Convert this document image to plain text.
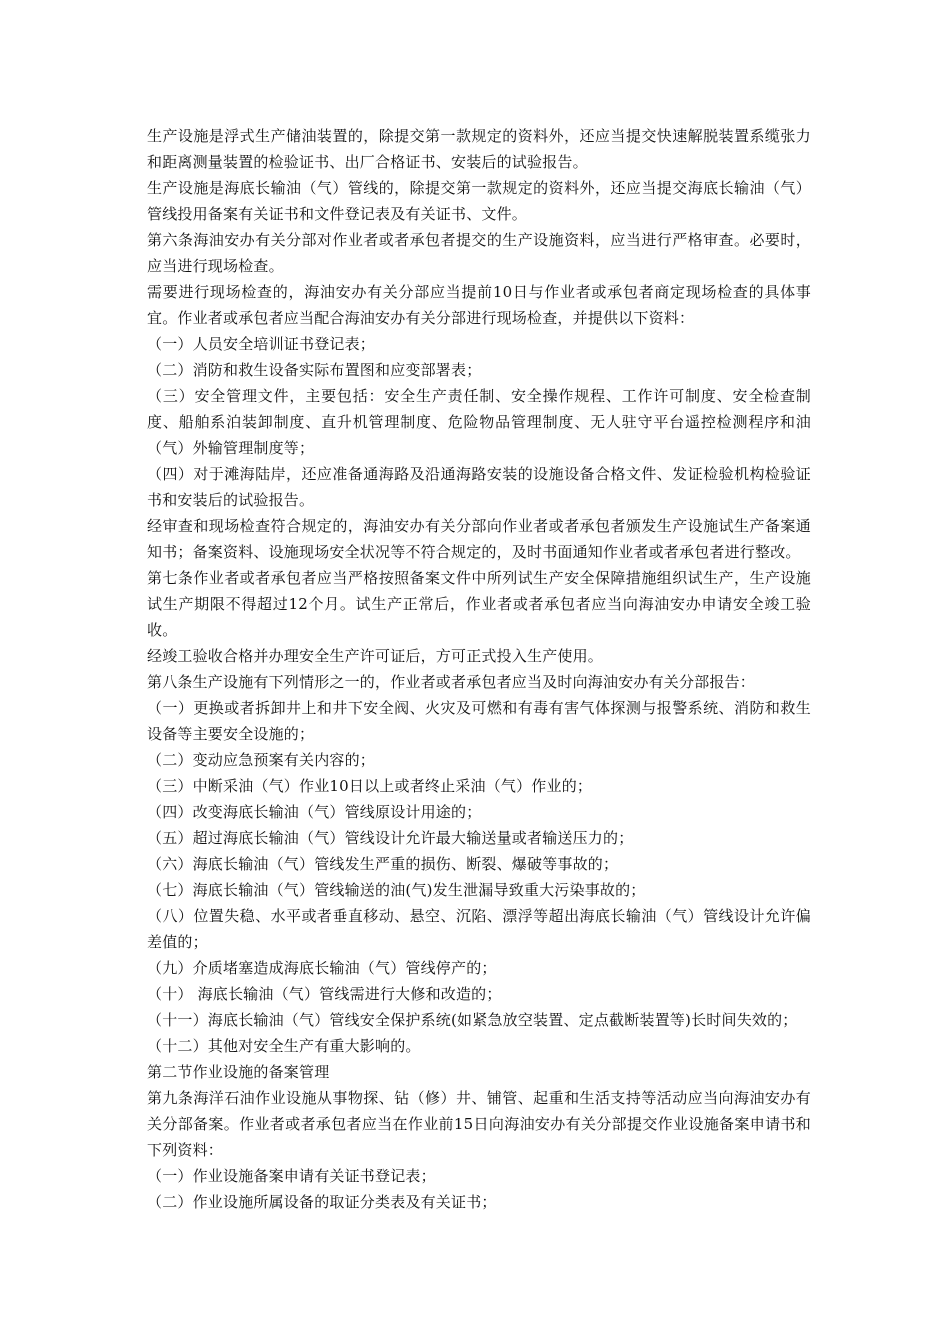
生产设施是浮式生产储油装置的，除提交第一款规定的资料外，还应当提交快速解脱装置系缆张力和距离测量装置的检验证书、出厂合格证书、安装后的试验报告。

生产设施是海底长输油（气）管线的，除提交第一款规定的资料外，还应当提交海底长输油（气）管线投用备案有关证书和文件登记表及有关证书、文件。

第六条海油安办有关分部对作业者或者承包者提交的生产设施资料，应当进行严格审查。必要时，应当进行现场检查。

需要进行现场检查的，海油安办有关分部应当提前10日与作业者或承包者商定现场检查的具体事宜。作业者或承包者应当配合海油安办有关分部进行现场检查，并提供以下资料：

（一）人员安全培训证书登记表；

（二）消防和救生设备实际布置图和应变部署表；

（三）安全管理文件，主要包括：安全生产责任制、安全操作规程、工作许可制度、安全检查制度、船舶系泊装卸制度、直升机管理制度、危险物品管理制度、无人驻守平台遥控检测程序和油（气）外输管理制度等；

（四）对于滩海陆岸，还应准备通海路及沿通海路安装的设施设备合格文件、发证检验机构检验证书和安装后的试验报告。

经审查和现场检查符合规定的，海油安办有关分部向作业者或者承包者颁发生产设施试生产备案通知书；备案资料、设施现场安全状况等不符合规定的，及时书面通知作业者或者承包者进行整改。

第七条作业者或者承包者应当严格按照备案文件中所列试生产安全保障措施组织试生产，生产设施试生产期限不得超过12个月。试生产正常后，作业者或者承包者应当向海油安办申请安全竣工验收。

经竣工验收合格并办理安全生产许可证后，方可正式投入生产使用。

第八条生产设施有下列情形之一的，作业者或者承包者应当及时向海油安办有关分部报告：

（一）更换或者拆卸井上和井下安全阀、火灾及可燃和有毒有害气体探测与报警系统、消防和救生设备等主要安全设施的；

（二）变动应急预案有关内容的；

（三）中断采油（气）作业10日以上或者终止采油（气）作业的；

（四）改变海底长输油（气）管线原设计用途的；

（五）超过海底长输油（气）管线设计允许最大输送量或者输送压力的；

（六）海底长输油（气）管线发生严重的损伤、断裂、爆破等事故的；

（七）海底长输油（气）管线输送的油(气)发生泄漏导致重大污染事故的；

（八）位置失稳、水平或者垂直移动、悬空、沉陷、漂浮等超出海底长输油（气）管线设计允许偏差值的；

（九）介质堵塞造成海底长输油（气）管线停产的；

（十） 海底长输油（气）管线需进行大修和改造的；

（十一）海底长输油（气）管线安全保护系统(如紧急放空装置、定点截断装置等)长时间失效的；

（十二）其他对安全生产有重大影响的。

第二节作业设施的备案管理

第九条海洋石油作业设施从事物探、钻（修）井、铺管、起重和生活支持等活动应当向海油安办有关分部备案。作业者或者承包者应当在作业前15日向海油安办有关分部提交作业设施备案申请书和下列资料：

（一）作业设施备案申请有关证书登记表；

（二）作业设施所属设备的取证分类表及有关证书；
